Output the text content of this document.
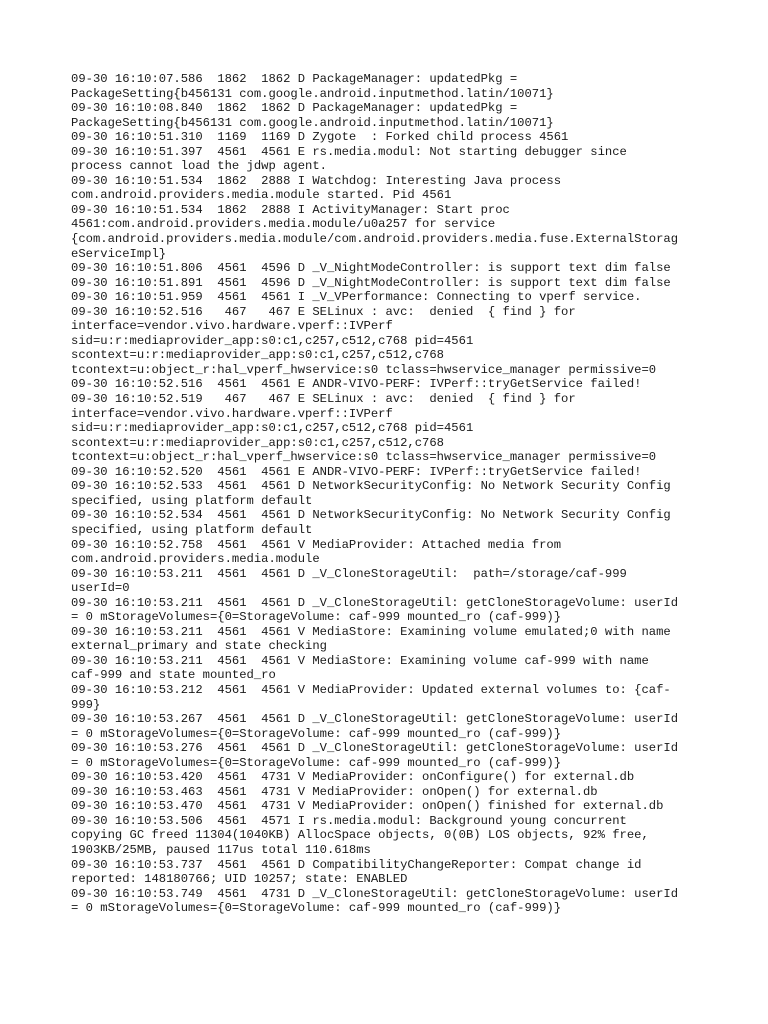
09-30 16:10:07.586  1862  1862 D PackageManager: updatedPkg =
PackageSetting{b456131 com.google.android.inputmethod.latin/10071}
09-30 16:10:08.840  1862  1862 D PackageManager: updatedPkg =
PackageSetting{b456131 com.google.android.inputmethod.latin/10071}
09-30 16:10:51.310  1169  1169 D Zygote  : Forked child process 4561
09-30 16:10:51.397  4561  4561 E rs.media.modul: Not starting debugger since
process cannot load the jdwp agent.
09-30 16:10:51.534  1862  2888 I Watchdog: Interesting Java process
com.android.providers.media.module started. Pid 4561
09-30 16:10:51.534  1862  2888 I ActivityManager: Start proc
4561:com.android.providers.media.module/u0a257 for service
{com.android.providers.media.module/com.android.providers.media.fuse.ExternalStorag
eServiceImpl}
09-30 16:10:51.806  4561  4596 D _V_NightModeController: is support text dim false
09-30 16:10:51.891  4561  4596 D _V_NightModeController: is support text dim false
09-30 16:10:51.959  4561  4561 I _V_VPerformance: Connecting to vperf service.
09-30 16:10:52.516   467   467 E SELinux : avc:  denied  { find } for
interface=vendor.vivo.hardware.vperf::IVPerf
sid=u:r:mediaprovider_app:s0:c1,c257,c512,c768 pid=4561
scontext=u:r:mediaprovider_app:s0:c1,c257,c512,c768
tcontext=u:object_r:hal_vperf_hwservice:s0 tclass=hwservice_manager permissive=0
09-30 16:10:52.516  4561  4561 E ANDR-VIVO-PERF: IVPerf::tryGetService failed!
09-30 16:10:52.519   467   467 E SELinux : avc:  denied  { find } for
interface=vendor.vivo.hardware.vperf::IVPerf
sid=u:r:mediaprovider_app:s0:c1,c257,c512,c768 pid=4561
scontext=u:r:mediaprovider_app:s0:c1,c257,c512,c768
tcontext=u:object_r:hal_vperf_hwservice:s0 tclass=hwservice_manager permissive=0
09-30 16:10:52.520  4561  4561 E ANDR-VIVO-PERF: IVPerf::tryGetService failed!
09-30 16:10:52.533  4561  4561 D NetworkSecurityConfig: No Network Security Config
specified, using platform default
09-30 16:10:52.534  4561  4561 D NetworkSecurityConfig: No Network Security Config
specified, using platform default
09-30 16:10:52.758  4561  4561 V MediaProvider: Attached media from
com.android.providers.media.module
09-30 16:10:53.211  4561  4561 D _V_CloneStorageUtil:  path=/storage/caf-999
userId=0
09-30 16:10:53.211  4561  4561 D _V_CloneStorageUtil: getCloneStorageVolume: userId
= 0 mStorageVolumes={0=StorageVolume: caf-999 mounted_ro (caf-999)}
09-30 16:10:53.211  4561  4561 V MediaStore: Examining volume emulated;0 with name
external_primary and state checking
09-30 16:10:53.211  4561  4561 V MediaStore: Examining volume caf-999 with name
caf-999 and state mounted_ro
09-30 16:10:53.212  4561  4561 V MediaProvider: Updated external volumes to: {caf-
999}
09-30 16:10:53.267  4561  4561 D _V_CloneStorageUtil: getCloneStorageVolume: userId
= 0 mStorageVolumes={0=StorageVolume: caf-999 mounted_ro (caf-999)}
09-30 16:10:53.276  4561  4561 D _V_CloneStorageUtil: getCloneStorageVolume: userId
= 0 mStorageVolumes={0=StorageVolume: caf-999 mounted_ro (caf-999)}
09-30 16:10:53.420  4561  4731 V MediaProvider: onConfigure() for external.db
09-30 16:10:53.463  4561  4731 V MediaProvider: onOpen() for external.db
09-30 16:10:53.470  4561  4731 V MediaProvider: onOpen() finished for external.db
09-30 16:10:53.506  4561  4571 I rs.media.modul: Background young concurrent
copying GC freed 11304(1040KB) AllocSpace objects, 0(0B) LOS objects, 92% free,
1903KB/25MB, paused 117us total 110.618ms
09-30 16:10:53.737  4561  4561 D CompatibilityChangeReporter: Compat change id
reported: 148180766; UID 10257; state: ENABLED
09-30 16:10:53.749  4561  4731 D _V_CloneStorageUtil: getCloneStorageVolume: userId
= 0 mStorageVolumes={0=StorageVolume: caf-999 mounted_ro (caf-999)}
